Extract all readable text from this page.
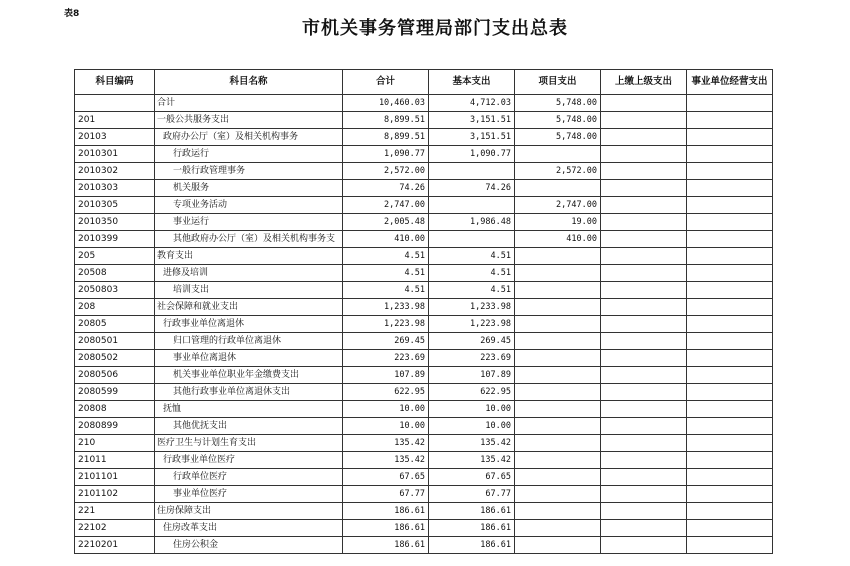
表8
市机关事务管理局部门支出总表
科目编码	科目名称	合计	基本支出	项目支出	上缴上级支出	事业单位经营支出
	合计	10,460.03	4,712.03	5,748.00		
201	一般公共服务支出	8,899.51	3,151.51	5,748.00		
20103	政府办公厅（室）及相关机构事务	8,899.51	3,151.51	5,748.00		
2010301	行政运行	1,090.77	1,090.77			
2010302	一般行政管理事务	2,572.00		2,572.00		
2010303	机关服务	74.26	74.26			
2010305	专项业务活动	2,747.00		2,747.00		
2010350	事业运行	2,005.48	1,986.48	19.00		
2010399	其他政府办公厅（室）及相关机构事务支	410.00		410.00		
205	教育支出	4.51	4.51			
20508	进修及培训	4.51	4.51			
2050803	培训支出	4.51	4.51			
208	社会保障和就业支出	1,233.98	1,233.98			
20805	行政事业单位离退休	1,223.98	1,223.98			
2080501	归口管理的行政单位离退休	269.45	269.45			
2080502	事业单位离退休	223.69	223.69			
2080506	机关事业单位职业年金缴费支出	107.89	107.89			
2080599	其他行政事业单位离退休支出	622.95	622.95			
20808	抚恤	10.00	10.00			
2080899	其他优抚支出	10.00	10.00			
210	医疗卫生与计划生育支出	135.42	135.42			
21011	行政事业单位医疗	135.42	135.42			
2101101	行政单位医疗	67.65	67.65			
2101102	事业单位医疗	67.77	67.77			
221	住房保障支出	186.61	186.61			
22102	住房改革支出	186.61	186.61			
2210201	住房公积金	186.61	186.61			
